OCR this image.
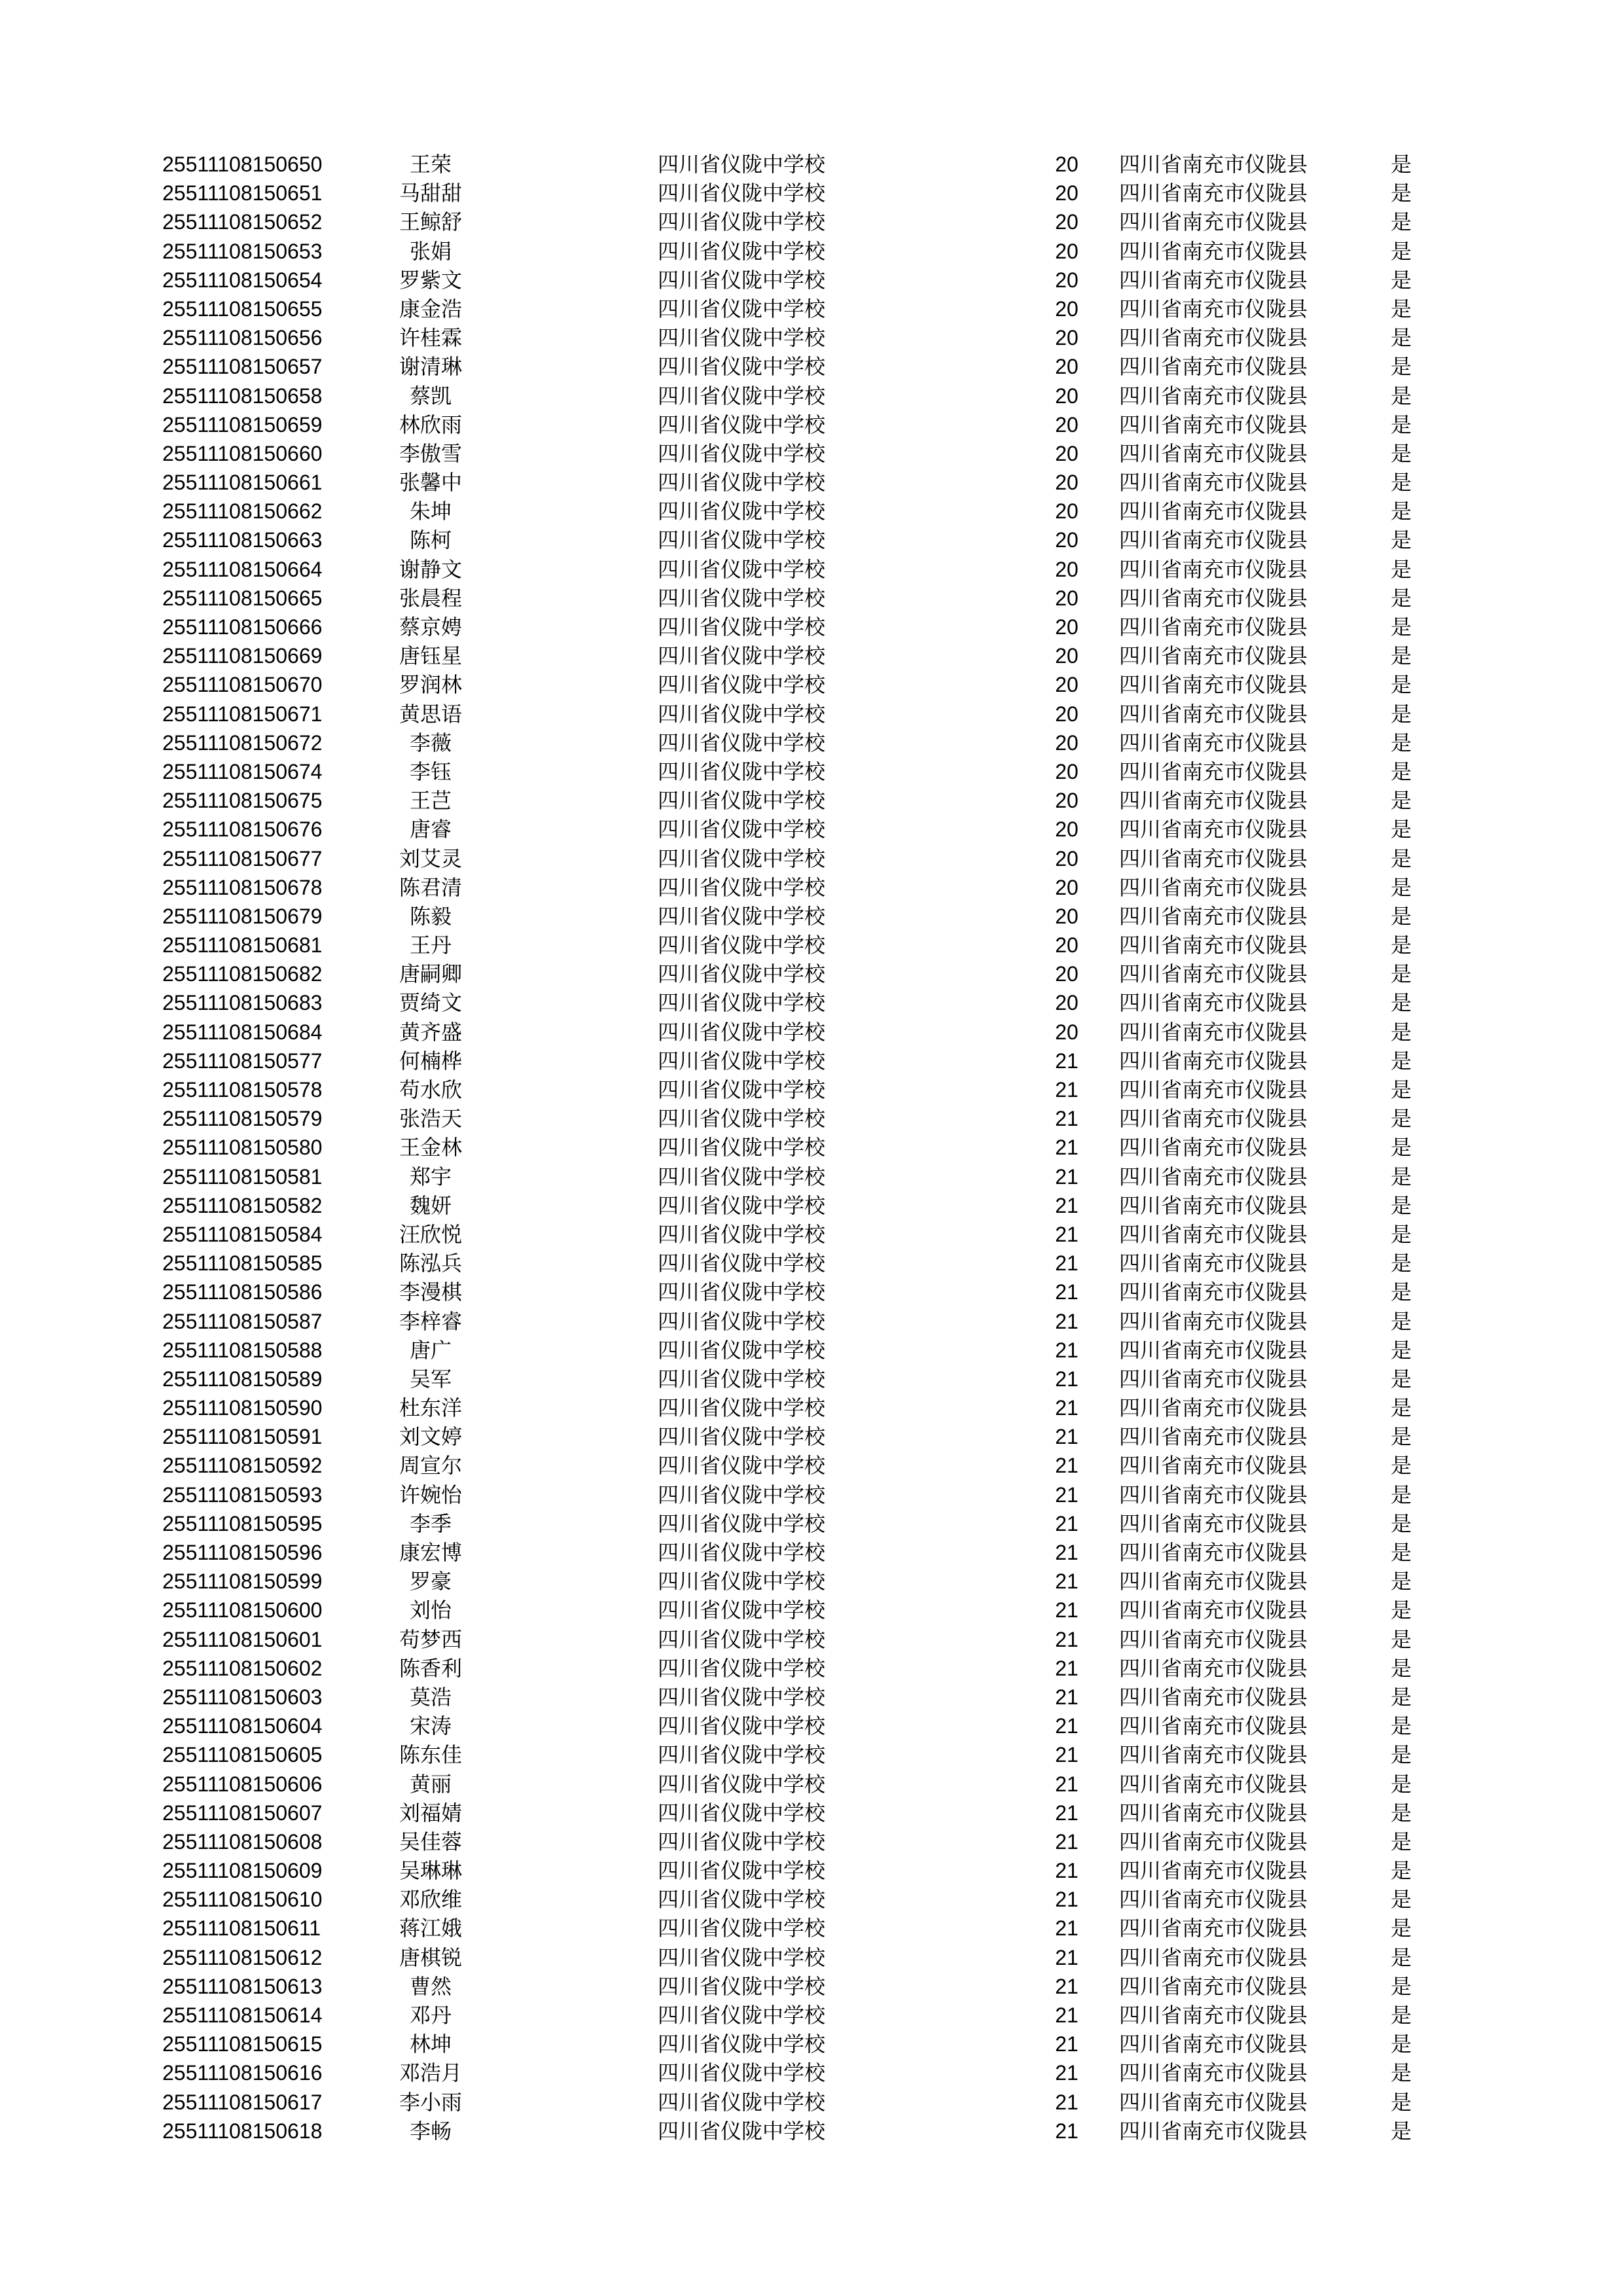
25511108150650	王荣	四川省仪陇中学校	20	四川省南充市仪陇县	是
25511108150651	马甜甜	四川省仪陇中学校	20	四川省南充市仪陇县	是
25511108150652	王鲸舒	四川省仪陇中学校	20	四川省南充市仪陇县	是
25511108150653	张娟	四川省仪陇中学校	20	四川省南充市仪陇县	是
25511108150654	罗紫文	四川省仪陇中学校	20	四川省南充市仪陇县	是
25511108150655	康金浩	四川省仪陇中学校	20	四川省南充市仪陇县	是
25511108150656	许桂霖	四川省仪陇中学校	20	四川省南充市仪陇县	是
25511108150657	谢清琳	四川省仪陇中学校	20	四川省南充市仪陇县	是
25511108150658	蔡凯	四川省仪陇中学校	20	四川省南充市仪陇县	是
25511108150659	林欣雨	四川省仪陇中学校	20	四川省南充市仪陇县	是
25511108150660	李傲雪	四川省仪陇中学校	20	四川省南充市仪陇县	是
25511108150661	张馨中	四川省仪陇中学校	20	四川省南充市仪陇县	是
25511108150662	朱坤	四川省仪陇中学校	20	四川省南充市仪陇县	是
25511108150663	陈柯	四川省仪陇中学校	20	四川省南充市仪陇县	是
25511108150664	谢静文	四川省仪陇中学校	20	四川省南充市仪陇县	是
25511108150665	张晨程	四川省仪陇中学校	20	四川省南充市仪陇县	是
25511108150666	蔡京娉	四川省仪陇中学校	20	四川省南充市仪陇县	是
25511108150669	唐钰星	四川省仪陇中学校	20	四川省南充市仪陇县	是
25511108150670	罗润林	四川省仪陇中学校	20	四川省南充市仪陇县	是
25511108150671	黄思语	四川省仪陇中学校	20	四川省南充市仪陇县	是
25511108150672	李薇	四川省仪陇中学校	20	四川省南充市仪陇县	是
25511108150674	李钰	四川省仪陇中学校	20	四川省南充市仪陇县	是
25511108150675	王芑	四川省仪陇中学校	20	四川省南充市仪陇县	是
25511108150676	唐睿	四川省仪陇中学校	20	四川省南充市仪陇县	是
25511108150677	刘艾灵	四川省仪陇中学校	20	四川省南充市仪陇县	是
25511108150678	陈君清	四川省仪陇中学校	20	四川省南充市仪陇县	是
25511108150679	陈毅	四川省仪陇中学校	20	四川省南充市仪陇县	是
25511108150681	王丹	四川省仪陇中学校	20	四川省南充市仪陇县	是
25511108150682	唐嗣卿	四川省仪陇中学校	20	四川省南充市仪陇县	是
25511108150683	贾绮文	四川省仪陇中学校	20	四川省南充市仪陇县	是
25511108150684	黄齐盛	四川省仪陇中学校	20	四川省南充市仪陇县	是
25511108150577	何楠桦	四川省仪陇中学校	21	四川省南充市仪陇县	是
25511108150578	苟水欣	四川省仪陇中学校	21	四川省南充市仪陇县	是
25511108150579	张浩天	四川省仪陇中学校	21	四川省南充市仪陇县	是
25511108150580	王金林	四川省仪陇中学校	21	四川省南充市仪陇县	是
25511108150581	郑宇	四川省仪陇中学校	21	四川省南充市仪陇县	是
25511108150582	魏妍	四川省仪陇中学校	21	四川省南充市仪陇县	是
25511108150584	汪欣悦	四川省仪陇中学校	21	四川省南充市仪陇县	是
25511108150585	陈泓兵	四川省仪陇中学校	21	四川省南充市仪陇县	是
25511108150586	李漫棋	四川省仪陇中学校	21	四川省南充市仪陇县	是
25511108150587	李梓睿	四川省仪陇中学校	21	四川省南充市仪陇县	是
25511108150588	唐广	四川省仪陇中学校	21	四川省南充市仪陇县	是
25511108150589	吴军	四川省仪陇中学校	21	四川省南充市仪陇县	是
25511108150590	杜东洋	四川省仪陇中学校	21	四川省南充市仪陇县	是
25511108150591	刘文婷	四川省仪陇中学校	21	四川省南充市仪陇县	是
25511108150592	周宣尔	四川省仪陇中学校	21	四川省南充市仪陇县	是
25511108150593	许婉怡	四川省仪陇中学校	21	四川省南充市仪陇县	是
25511108150595	李季	四川省仪陇中学校	21	四川省南充市仪陇县	是
25511108150596	康宏博	四川省仪陇中学校	21	四川省南充市仪陇县	是
25511108150599	罗豪	四川省仪陇中学校	21	四川省南充市仪陇县	是
25511108150600	刘怡	四川省仪陇中学校	21	四川省南充市仪陇县	是
25511108150601	苟梦西	四川省仪陇中学校	21	四川省南充市仪陇县	是
25511108150602	陈香利	四川省仪陇中学校	21	四川省南充市仪陇县	是
25511108150603	莫浩	四川省仪陇中学校	21	四川省南充市仪陇县	是
25511108150604	宋涛	四川省仪陇中学校	21	四川省南充市仪陇县	是
25511108150605	陈东佳	四川省仪陇中学校	21	四川省南充市仪陇县	是
25511108150606	黄丽	四川省仪陇中学校	21	四川省南充市仪陇县	是
25511108150607	刘福婧	四川省仪陇中学校	21	四川省南充市仪陇县	是
25511108150608	吴佳蓉	四川省仪陇中学校	21	四川省南充市仪陇县	是
25511108150609	吴琳琳	四川省仪陇中学校	21	四川省南充市仪陇县	是
25511108150610	邓欣维	四川省仪陇中学校	21	四川省南充市仪陇县	是
25511108150611	蒋江娥	四川省仪陇中学校	21	四川省南充市仪陇县	是
25511108150612	唐棋锐	四川省仪陇中学校	21	四川省南充市仪陇县	是
25511108150613	曹然	四川省仪陇中学校	21	四川省南充市仪陇县	是
25511108150614	邓丹	四川省仪陇中学校	21	四川省南充市仪陇县	是
25511108150615	林坤	四川省仪陇中学校	21	四川省南充市仪陇县	是
25511108150616	邓浩月	四川省仪陇中学校	21	四川省南充市仪陇县	是
25511108150617	李小雨	四川省仪陇中学校	21	四川省南充市仪陇县	是
25511108150618	李畅	四川省仪陇中学校	21	四川省南充市仪陇县	是
